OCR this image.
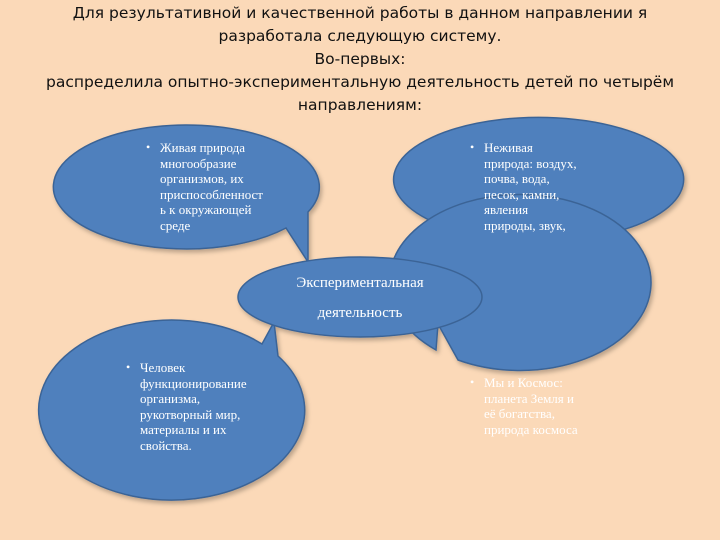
Для результативной и качественной работы в данном направлении я разработала следующую систему.
Во-первых:
распределила опытно-экспериментальную деятельность детей по четырём направлениям:
Экспериментальная
деятельность
• Живая природа
многообразие
организмов, их
приспособленност
ь к окружающей
среде
• Неживая
природа: воздух,
почва, вода,
песок, камни,
явления
природы, звук,
• Человек
функционирование
организма,
рукотворный мир,
материалы и их
свойства.
• Мы и Космос:
планета Земля и
её богатства,
природа космоса
